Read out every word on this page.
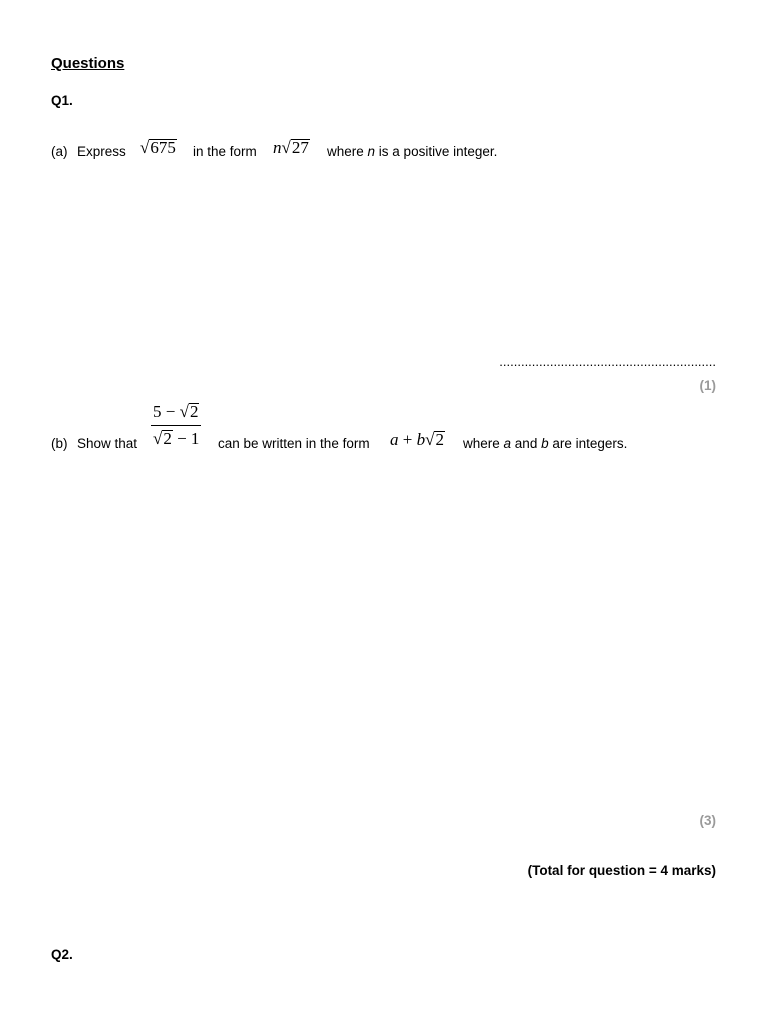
Questions
Q1.
(a) Express √675 in the form n√27 where n is a positive integer.
............................................................
(1)
(b) Show that $\frac{5 - √2}{√2 - 1}$ can be written in the form a + b√2 where a and b are integers.
(3)
(Total for question = 4 marks)
Q2.
